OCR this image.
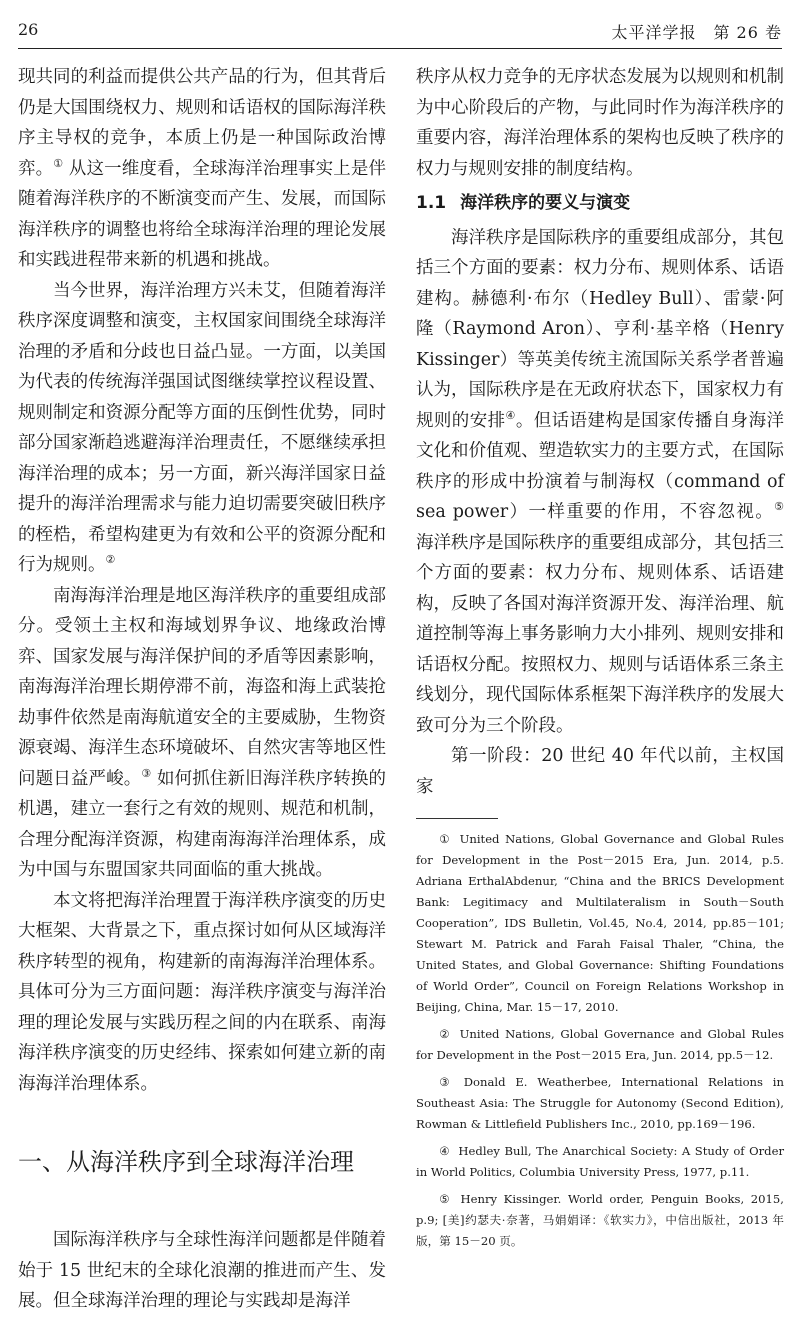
26	太平洋学报　第 26 卷

现共同的利益而提供公共产品的行为，但其背后仍是大国围绕权力、规则和话语权的国际海洋秩序主导权的竞争，本质上仍是一种国际政治博弈。① 从这一维度看，全球海洋治理事实上是伴随着海洋秩序的不断演变而产生、发展，而国际海洋秩序的调整也将给全球海洋治理的理论发展和实践进程带来新的机遇和挑战。

当今世界，海洋治理方兴未艾，但随着海洋秩序深度调整和演变，主权国家间围绕全球海洋治理的矛盾和分歧也日益凸显。一方面，以美国为代表的传统海洋强国试图继续掌控议程设置、规则制定和资源分配等方面的压倒性优势，同时部分国家渐趋逃避海洋治理责任，不愿继续承担海洋治理的成本；另一方面，新兴海洋国家日益提升的海洋治理需求与能力迫切需要突破旧秩序的桎梏，希望构建更为有效和公平的资源分配和行为规则。②

南海海洋治理是地区海洋秩序的重要组成部分。受领土主权和海域划界争议、地缘政治博弈、国家发展与海洋保护间的矛盾等因素影响，南海海洋治理长期停滞不前，海盗和海上武装抢劫事件依然是南海航道安全的主要威胁，生物资源衰竭、海洋生态环境破坏、自然灾害等地区性问题日益严峻。③ 如何抓住新旧海洋秩序转换的机遇，建立一套行之有效的规则、规范和机制，合理分配海洋资源，构建南海海洋治理体系，成为中国与东盟国家共同面临的重大挑战。

本文将把海洋治理置于海洋秩序演变的历史大框架、大背景之下，重点探讨如何从区域海洋秩序转型的视角，构建新的南海海洋治理体系。具体可分为三方面问题：海洋秩序演变与海洋治理的理论发展与实践历程之间的内在联系、南海海洋秩序演变的历史经纬、探索如何建立新的南海海洋治理体系。

一、从海洋秩序到全球海洋治理

国际海洋秩序与全球性海洋问题都是伴随着始于 15 世纪末的全球化浪潮的推进而产生、发展。但全球海洋治理的理论与实践却是海洋

秩序从权力竞争的无序状态发展为以规则和机制为中心阶段后的产物，与此同时作为海洋秩序的重要内容，海洋治理体系的架构也反映了秩序的权力与规则安排的制度结构。

1.1 海洋秩序的要义与演变

海洋秩序是国际秩序的重要组成部分，其包括三个方面的要素：权力分布、规则体系、话语建构。赫德利·布尔（Hedley Bull）、雷蒙·阿隆（Raymond Aron）、亨利·基辛格（Henry Kissinger）等英美传统主流国际关系学者普遍认为，国际秩序是在无政府状态下，国家权力有规则的安排④。但话语建构是国家传播自身海洋文化和价值观、塑造软实力的主要方式，在国际秩序的形成中扮演着与制海权（command of sea power）一样重要的作用，不容忽视。⑤ 海洋秩序是国际秩序的重要组成部分，其包括三个方面的要素：权力分布、规则体系、话语建构，反映了各国对海洋资源开发、海洋治理、航道控制等海上事务影响力大小排列、规则安排和话语权分配。按照权力、规则与话语体系三条主线划分，现代国际体系框架下海洋秩序的发展大致可分为三个阶段。

第一阶段：20 世纪 40 年代以前，主权国家

① United Nations, Global Governance and Global Rules for Development in the Post－2015 Era, Jun. 2014, p.5. Adriana ErthalAbdenur, “China and the BRICS Development Bank: Legitimacy and Multilateralism in South－South Cooperation”, IDS Bulletin, Vol.45, No.4, 2014, pp.85－101; Stewart M. Patrick and Farah Faisal Thaler, “China, the United States, and Global Governance: Shifting Foundations of World Order”, Council on Foreign Relations Workshop in Beijing, China, Mar. 15－17, 2010.

② United Nations, Global Governance and Global Rules for Development in the Post－2015 Era, Jun. 2014, pp.5－12.

③ Donald E. Weatherbee, International Relations in Southeast Asia: The Struggle for Autonomy (Second Edition), Rowman & Littlefield Publishers Inc., 2010, pp.169－196.

④ Hedley Bull, The Anarchical Society: A Study of Order in World Politics, Columbia University Press, 1977, p.11.

⑤ Henry Kissinger. World order, Penguin Books, 2015, p.9; [美]约瑟夫·奈著，马娟娟译：《软实力》，中信出版社，2013 年版，第 15－20 页。
